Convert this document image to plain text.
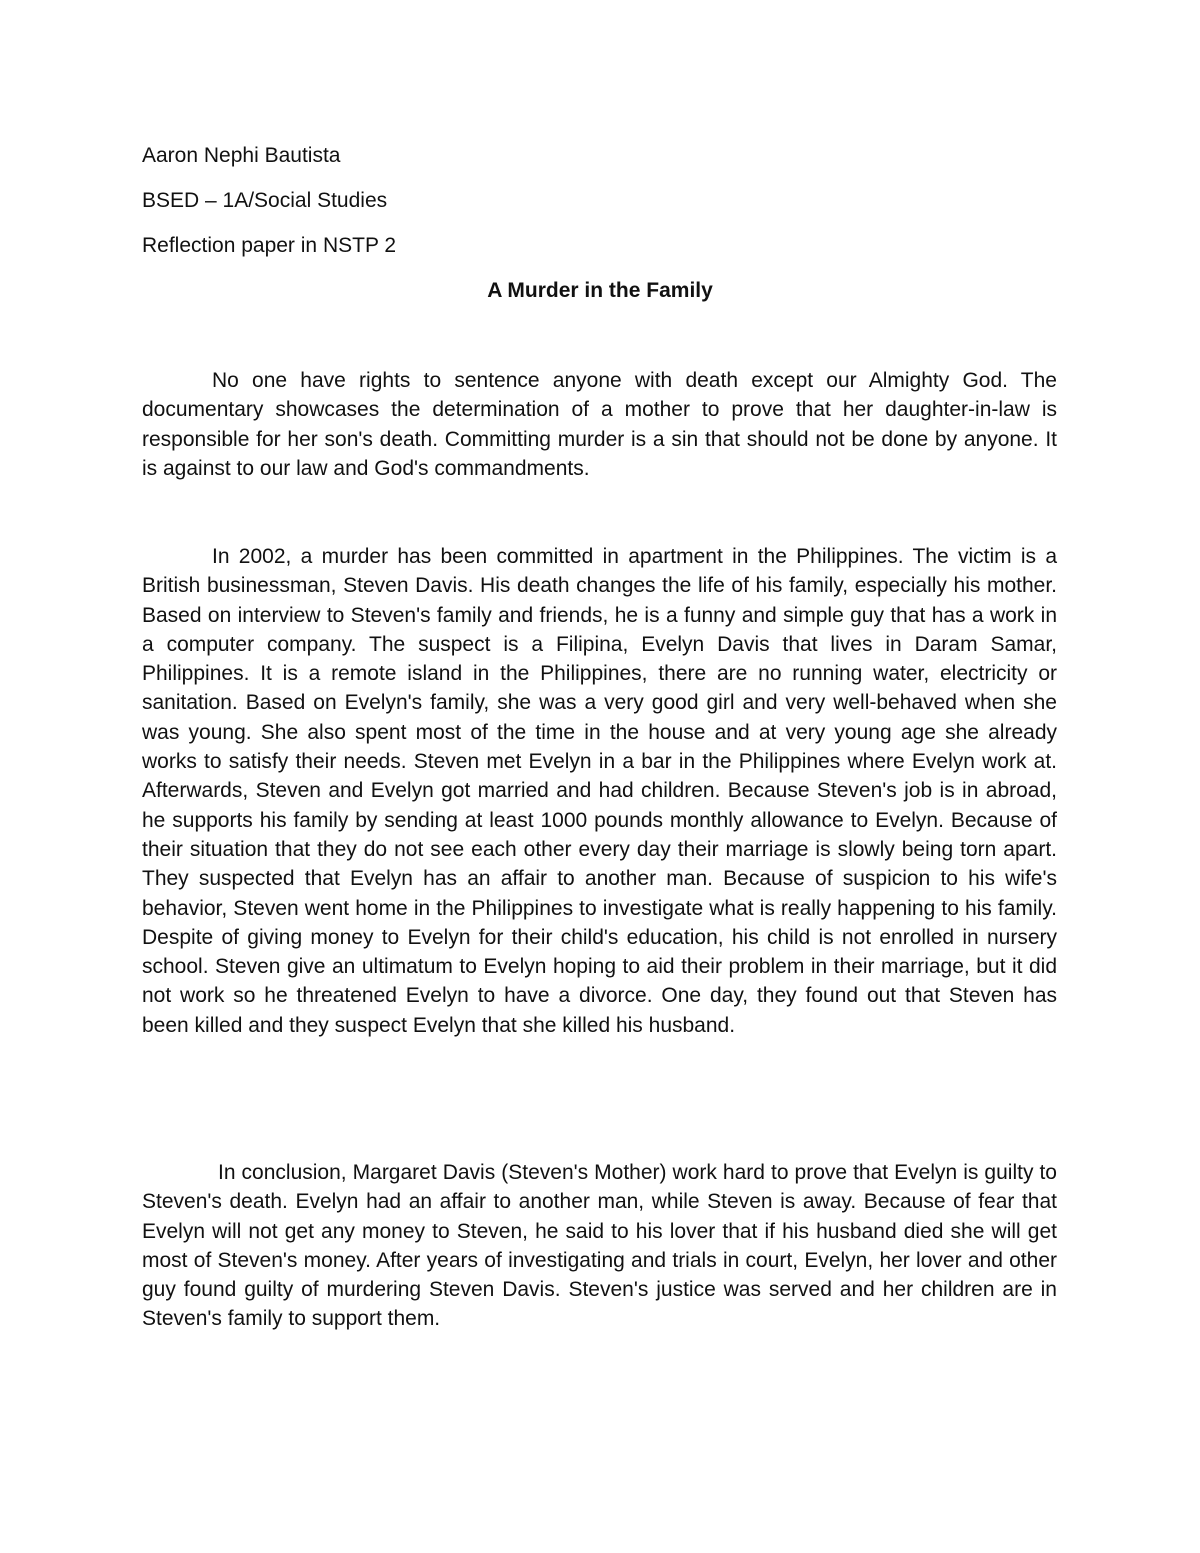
Aaron Nephi Bautista
BSED – 1A/Social Studies
Reflection paper in NSTP 2
A Murder in the Family

No one have rights to sentence anyone with death except our Almighty God. The documentary showcases the determination of a mother to prove that her daughter-in-law is responsible for her son's death. Committing murder is a sin that should not be done by anyone. It is against to our law and God's commandments.

In 2002, a murder has been committed in apartment in the Philippines. The victim is a British businessman, Steven Davis. His death changes the life of his family, especially his mother. Based on interview to Steven's family and friends, he is a funny and simple guy that has a work in a computer company. The suspect is a Filipina, Evelyn Davis that lives in Daram Samar, Philippines. It is a remote island in the Philippines, there are no running water, electricity or sanitation. Based on Evelyn's family, she was a very good girl and very well-behaved when she was young. She also spent most of the time in the house and at very young age she already works to satisfy their needs. Steven met Evelyn in a bar in the Philippines where Evelyn work at. Afterwards, Steven and Evelyn got married and had children. Because Steven's job is in abroad, he supports his family by sending at least 1000 pounds monthly allowance to Evelyn. Because of their situation that they do not see each other every day their marriage is slowly being torn apart. They suspected that Evelyn has an affair to another man. Because of suspicion to his wife's behavior, Steven went home in the Philippines to investigate what is really happening to his family. Despite of giving money to Evelyn for their child's education, his child is not enrolled in nursery school. Steven give an ultimatum to Evelyn hoping to aid their problem in their marriage, but it did not work so he threatened Evelyn to have a divorce. One day, they found out that Steven has been killed and they suspect Evelyn that she killed his husband.

In conclusion, Margaret Davis (Steven's Mother) work hard to prove that Evelyn is guilty to Steven's death. Evelyn had an affair to another man, while Steven is away. Because of fear that Evelyn will not get any money to Steven, he said to his lover that if his husband died she will get most of Steven's money. After years of investigating and trials in court, Evelyn, her lover and other guy found guilty of murdering Steven Davis. Steven's justice was served and her children are in Steven's family to support them.
